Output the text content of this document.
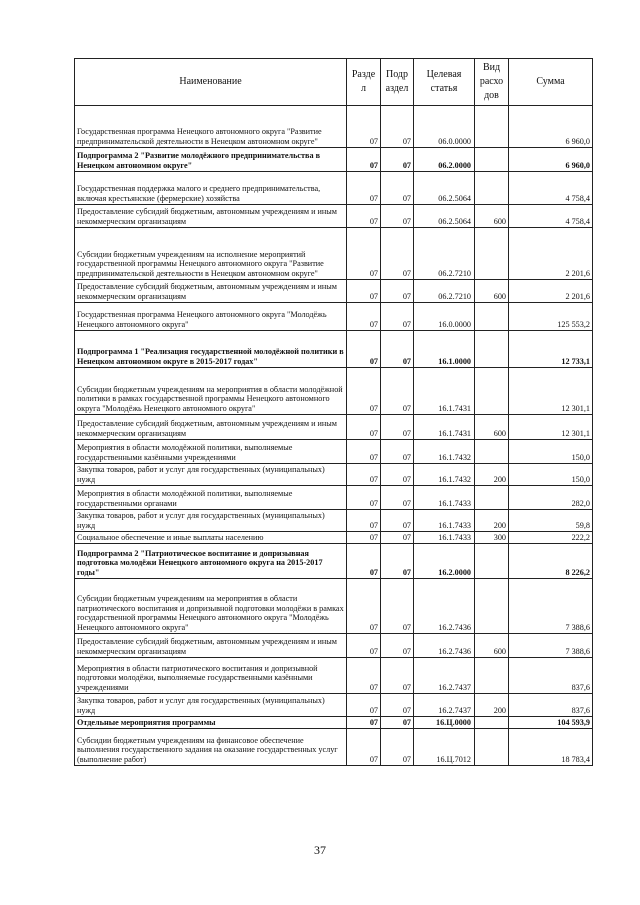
Наименование	Разде л	Подр аздел	Целевая статья	Вид расхо дов	Сумма
Государственная программа Ненецкого автономного округа "Развитие предпринимательской деятельности в Ненецком автономном округе"	07	07	06.0.0000		6 960,0
Подпрограмма 2 "Развитие молодёжного предпринимательства в Ненецком автономном округе"	07	07	06.2.0000		6 960,0
Государственная поддержка малого и среднего предпринимательства, включая крестьянские (фермерские) хозяйства	07	07	06.2.5064		4 758,4
Предоставление субсидий бюджетным, автономным учреждениям и иным некоммерческим организациям	07	07	06.2.5064	600	4 758,4
Субсидии бюджетным учреждениям на исполнение мероприятий государственной программы Ненецкого автономного округа "Развитие предпринимательской деятельности в Ненецком автономном округе"	07	07	06.2.7210		2 201,6
Предоставление субсидий бюджетным, автономным учреждениям и иным некоммерческим организациям	07	07	06.2.7210	600	2 201,6
Государственная программа Ненецкого автономного округа "Молодёжь Ненецкого автономного округа"	07	07	16.0.0000		125 553,2
Подпрограмма 1 "Реализация государственной молодёжной политики в Ненецком автономном округе в 2015-2017 годах"	07	07	16.1.0000		12 733,1
Субсидии бюджетным учреждениям на мероприятия в области молодёжной политики в рамках государственной программы Ненецкого автономного округа "Молодёжь Ненецкого автономного округа"	07	07	16.1.7431		12 301,1
Предоставление субсидий бюджетным, автономным учреждениям и иным некоммерческим организациям	07	07	16.1.7431	600	12 301,1
Мероприятия в области молодёжной политики, выполняемые государственными казёнными учреждениями	07	07	16.1.7432		150,0
Закупка товаров, работ и услуг для государственных (муниципальных) нужд	07	07	16.1.7432	200	150,0
Мероприятия в области молодёжной политики, выполняемые государственными органами	07	07	16.1.7433		282,0
Закупка товаров, работ и услуг для государственных (муниципальных) нужд	07	07	16.1.7433	200	59,8
Социальное обеспечение и иные выплаты населению	07	07	16.1.7433	300	222,2
Подпрограмма 2 "Патриотическое воспитание и допризывная подготовка молодёжи Ненецкого автономного округа на 2015-2017 годы"	07	07	16.2.0000		8 226,2
Субсидии бюджетным учреждениям на мероприятия в области патриотического воспитания и допризывной подготовки молодёжи в рамках государственной программы Ненецкого автономного округа "Молодёжь Ненецкого автономного округа"	07	07	16.2.7436		7 388,6
Предоставление субсидий бюджетным, автономным учреждениям и иным некоммерческим организациям	07	07	16.2.7436	600	7 388,6
Мероприятия в области патриотического воспитания и допризывной подготовки молодёжи, выполняемые государственными казёнными учреждениями	07	07	16.2.7437		837,6
Закупка товаров, работ и услуг для государственных (муниципальных) нужд	07	07	16.2.7437	200	837,6
Отдельные мероприятия программы	07	07	16.Ц.0000		104 593,9
Субсидии бюджетным учреждениям на финансовое обеспечение выполнения государственного задания на оказание государственных услуг (выполнение работ)	07	07	16.Ц.7012		18 783,4
37
